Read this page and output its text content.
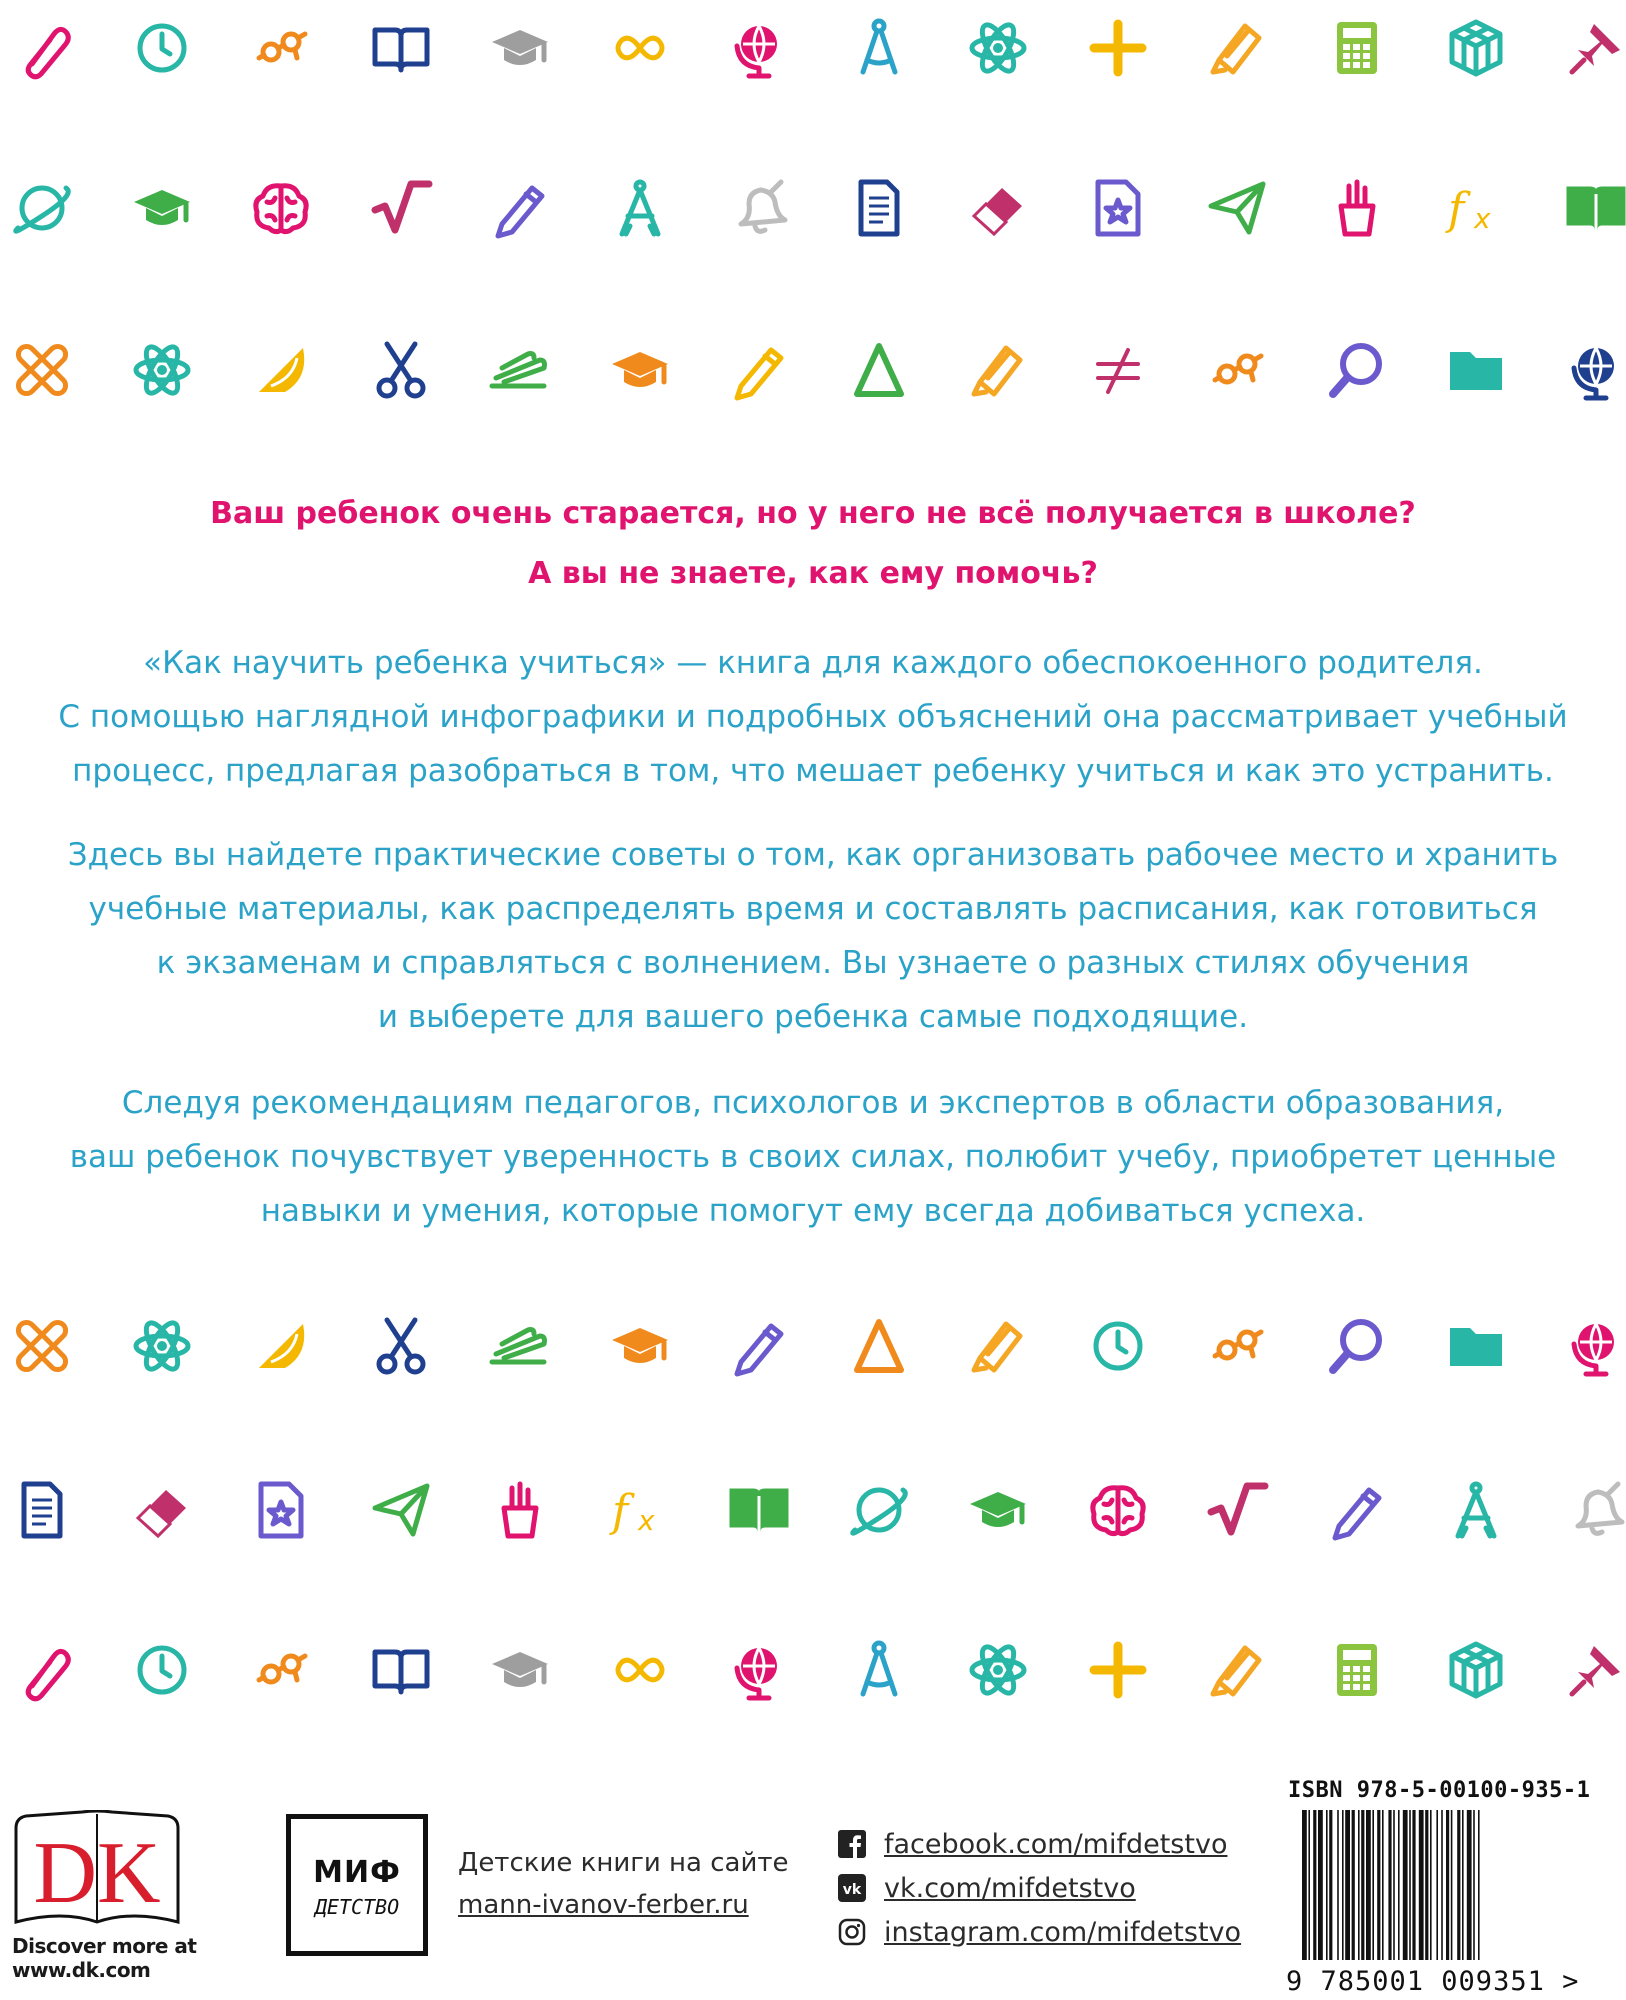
f x
Ваш ребенок очень старается, но у него не всё получается в школе?
А вы не знаете, как ему помочь?
«Как научить ребенка учиться» — книга для каждого обеспокоенного родителя.
С помощью наглядной инфографики и подробных объяснений она рассматривает учебный
процесс, предлагая разобраться в том, что мешает ребенку учиться и как это устранить.
Здесь вы найдете практические советы о том, как организовать рабочее место и хранить
учебные материалы, как распределять время и составлять расписания, как готовиться
к экзаменам и справляться с волнением. Вы узнаете о разных стилях обучения
и выберете для вашего ребенка самые подходящие.
Следуя рекомендациям педагогов, психологов и экспертов в области образования,
ваш ребенок почувствует уверенность в своих силах, полюбит учебу, приобретет ценные
навыки и умения, которые помогут ему всегда добиваться успеха.
f x
DK
Discover more at
www.dk.com
МИФ
ДЕТСТВО
Детские книги на сайте
mann-ivanov-ferber.ru
facebook.com/mifdetstvo
vk vk.com/mifdetstvo
instagram.com/mifdetstvo
ISBN 978-5-00100-935-1
9 785001 009351 >
